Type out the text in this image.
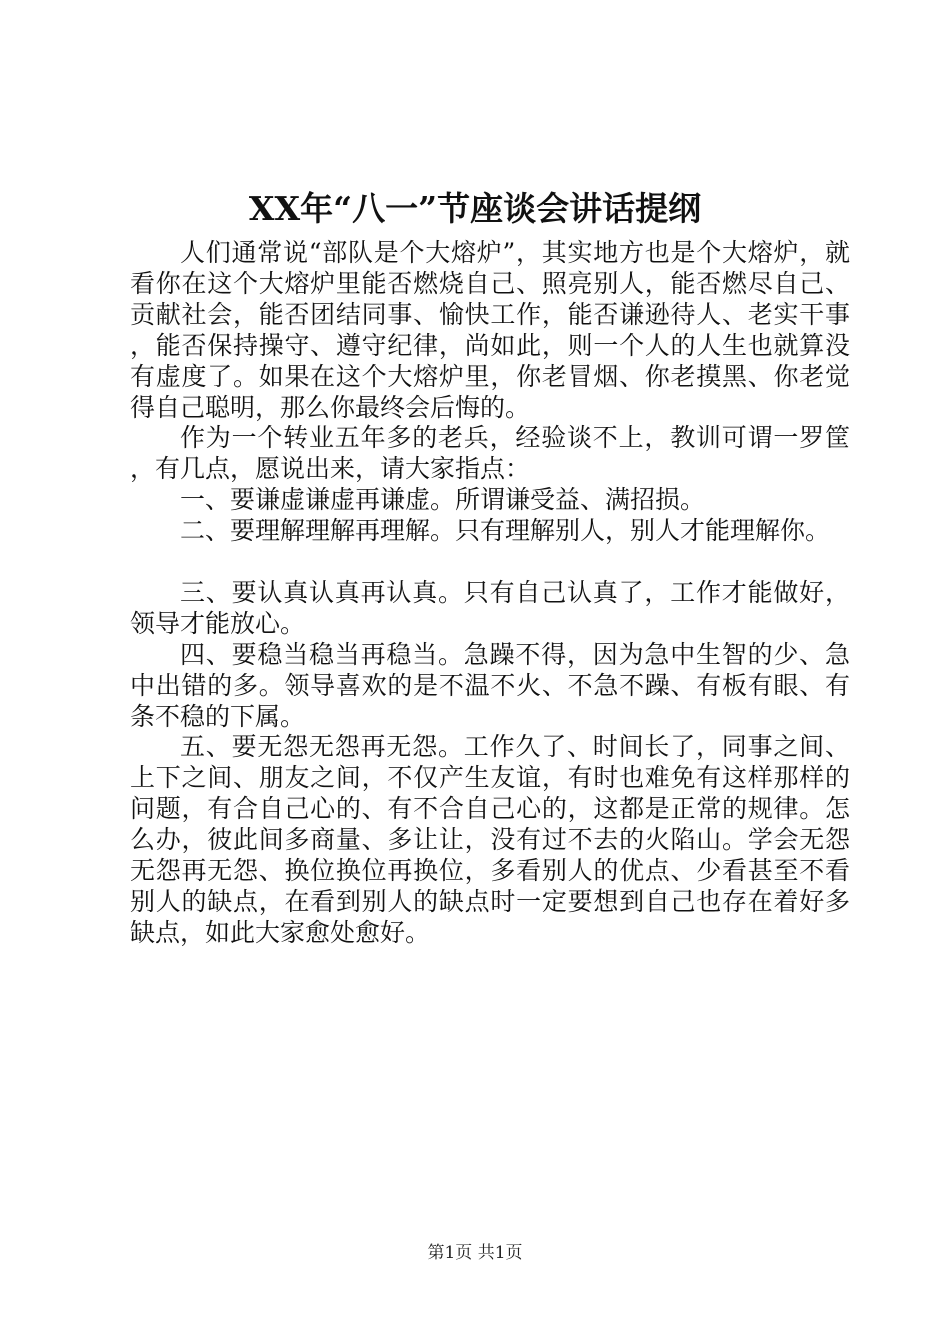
XX年“八一”节座谈会讲话提纲

人们通常说“部队是个大熔炉”，其实地方也是个大熔炉，就看你在这个大熔炉里能否燃烧自己、照亮别人，能否燃尽自己、贡献社会，能否团结同事、愉快工作，能否谦逊待人、老实干事，能否保持操守、遵守纪律，尚如此，则一个人的人生也就算没有虚度了。如果在这个大熔炉里，你老冒烟、你老摸黑、你老觉得自己聪明，那么你最终会后悔的。

作为一个转业五年多的老兵，经验谈不上，教训可谓一罗筐，有几点，愿说出来，请大家指点：

一、要谦虚谦虚再谦虚。所谓谦受益、满招损。

二、要理解理解再理解。只有理解别人，别人才能理解你。

三、要认真认真再认真。只有自己认真了，工作才能做好，领导才能放心。

四、要稳当稳当再稳当。急躁不得，因为急中生智的少、急中出错的多。领导喜欢的是不温不火、不急不躁、有板有眼、有条不稳的下属。

五、要无怨无怨再无怨。工作久了、时间长了，同事之间、上下之间、朋友之间，不仅产生友谊，有时也难免有这样那样的问题，有合自己心的、有不合自己心的，这都是正常的规律。怎么办，彼此间多商量、多让让，没有过不去的火陷山。学会无怨无怨再无怨、换位换位再换位，多看别人的优点、少看甚至不看别人的缺点，在看到别人的缺点时一定要想到自己也存在着好多缺点，如此大家愈处愈好。

第1页 共1页
